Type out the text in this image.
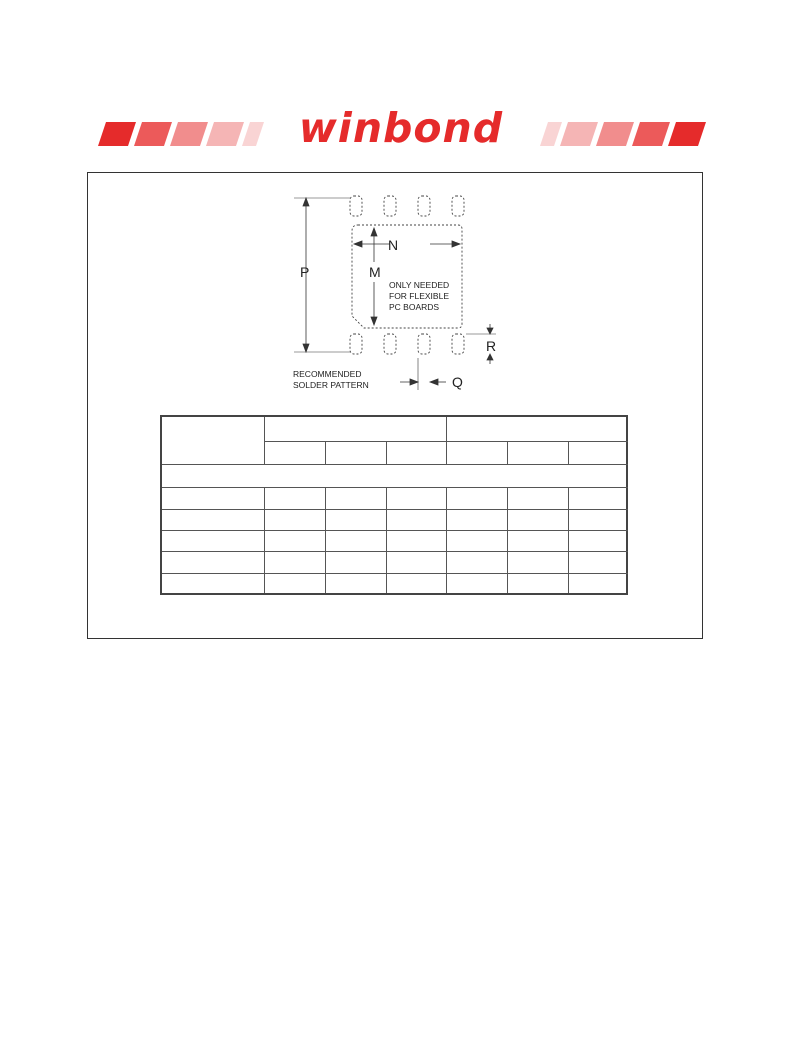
winbond
N
M
P
R
Q
ONLY NEEDED
FOR FLEXIBLE
PC BOARDS
RECOMMENDED
SOLDER PATTERN
